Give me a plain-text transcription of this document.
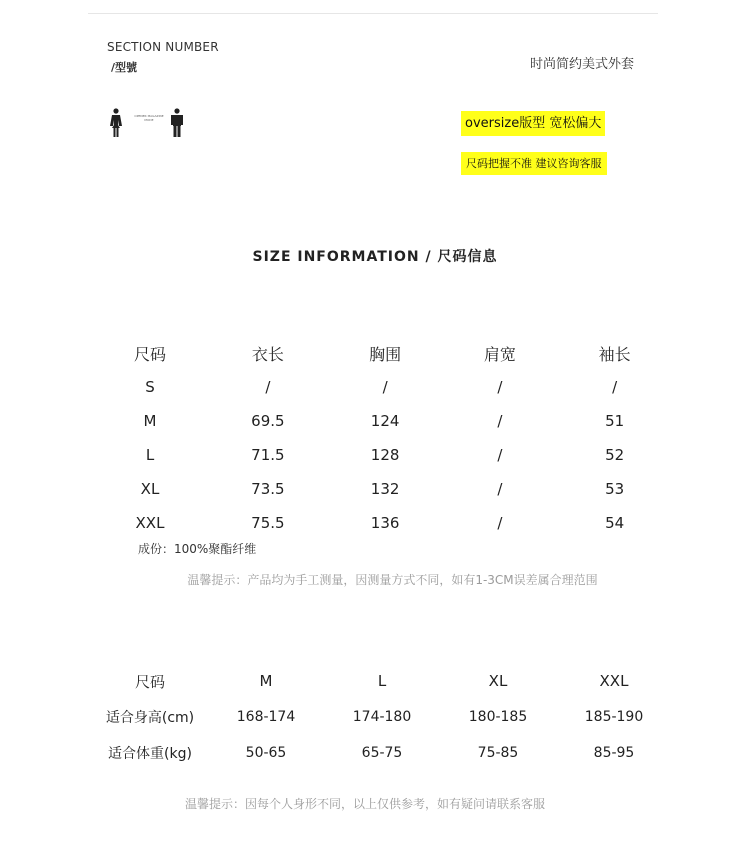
SECTION NUMBER
/型號	时尚简约美式外套
OPENER MAGAZINE MODE	oversize版型 宽松偏大
尺码把握不准 建议咨询客服
SIZE INFORMATION / 尺码信息
尺码	衣长	胸围	肩宽	袖长
S	/	/	/	/
M	69.5	124	/	51
L	71.5	128	/	52
XL	73.5	132	/	53
XXL	75.5	136	/	54
成份：100%聚酯纤维
温馨提示：产品均为手工测量，因测量方式不同，如有1-3CM误差属合理范围
尺码	M	L	XL	XXL
适合身高(cm)	168-174	174-180	180-185	185-190
适合体重(kg)	50-65	65-75	75-85	85-95
温馨提示：因每个人身形不同，以上仅供参考，如有疑问请联系客服
